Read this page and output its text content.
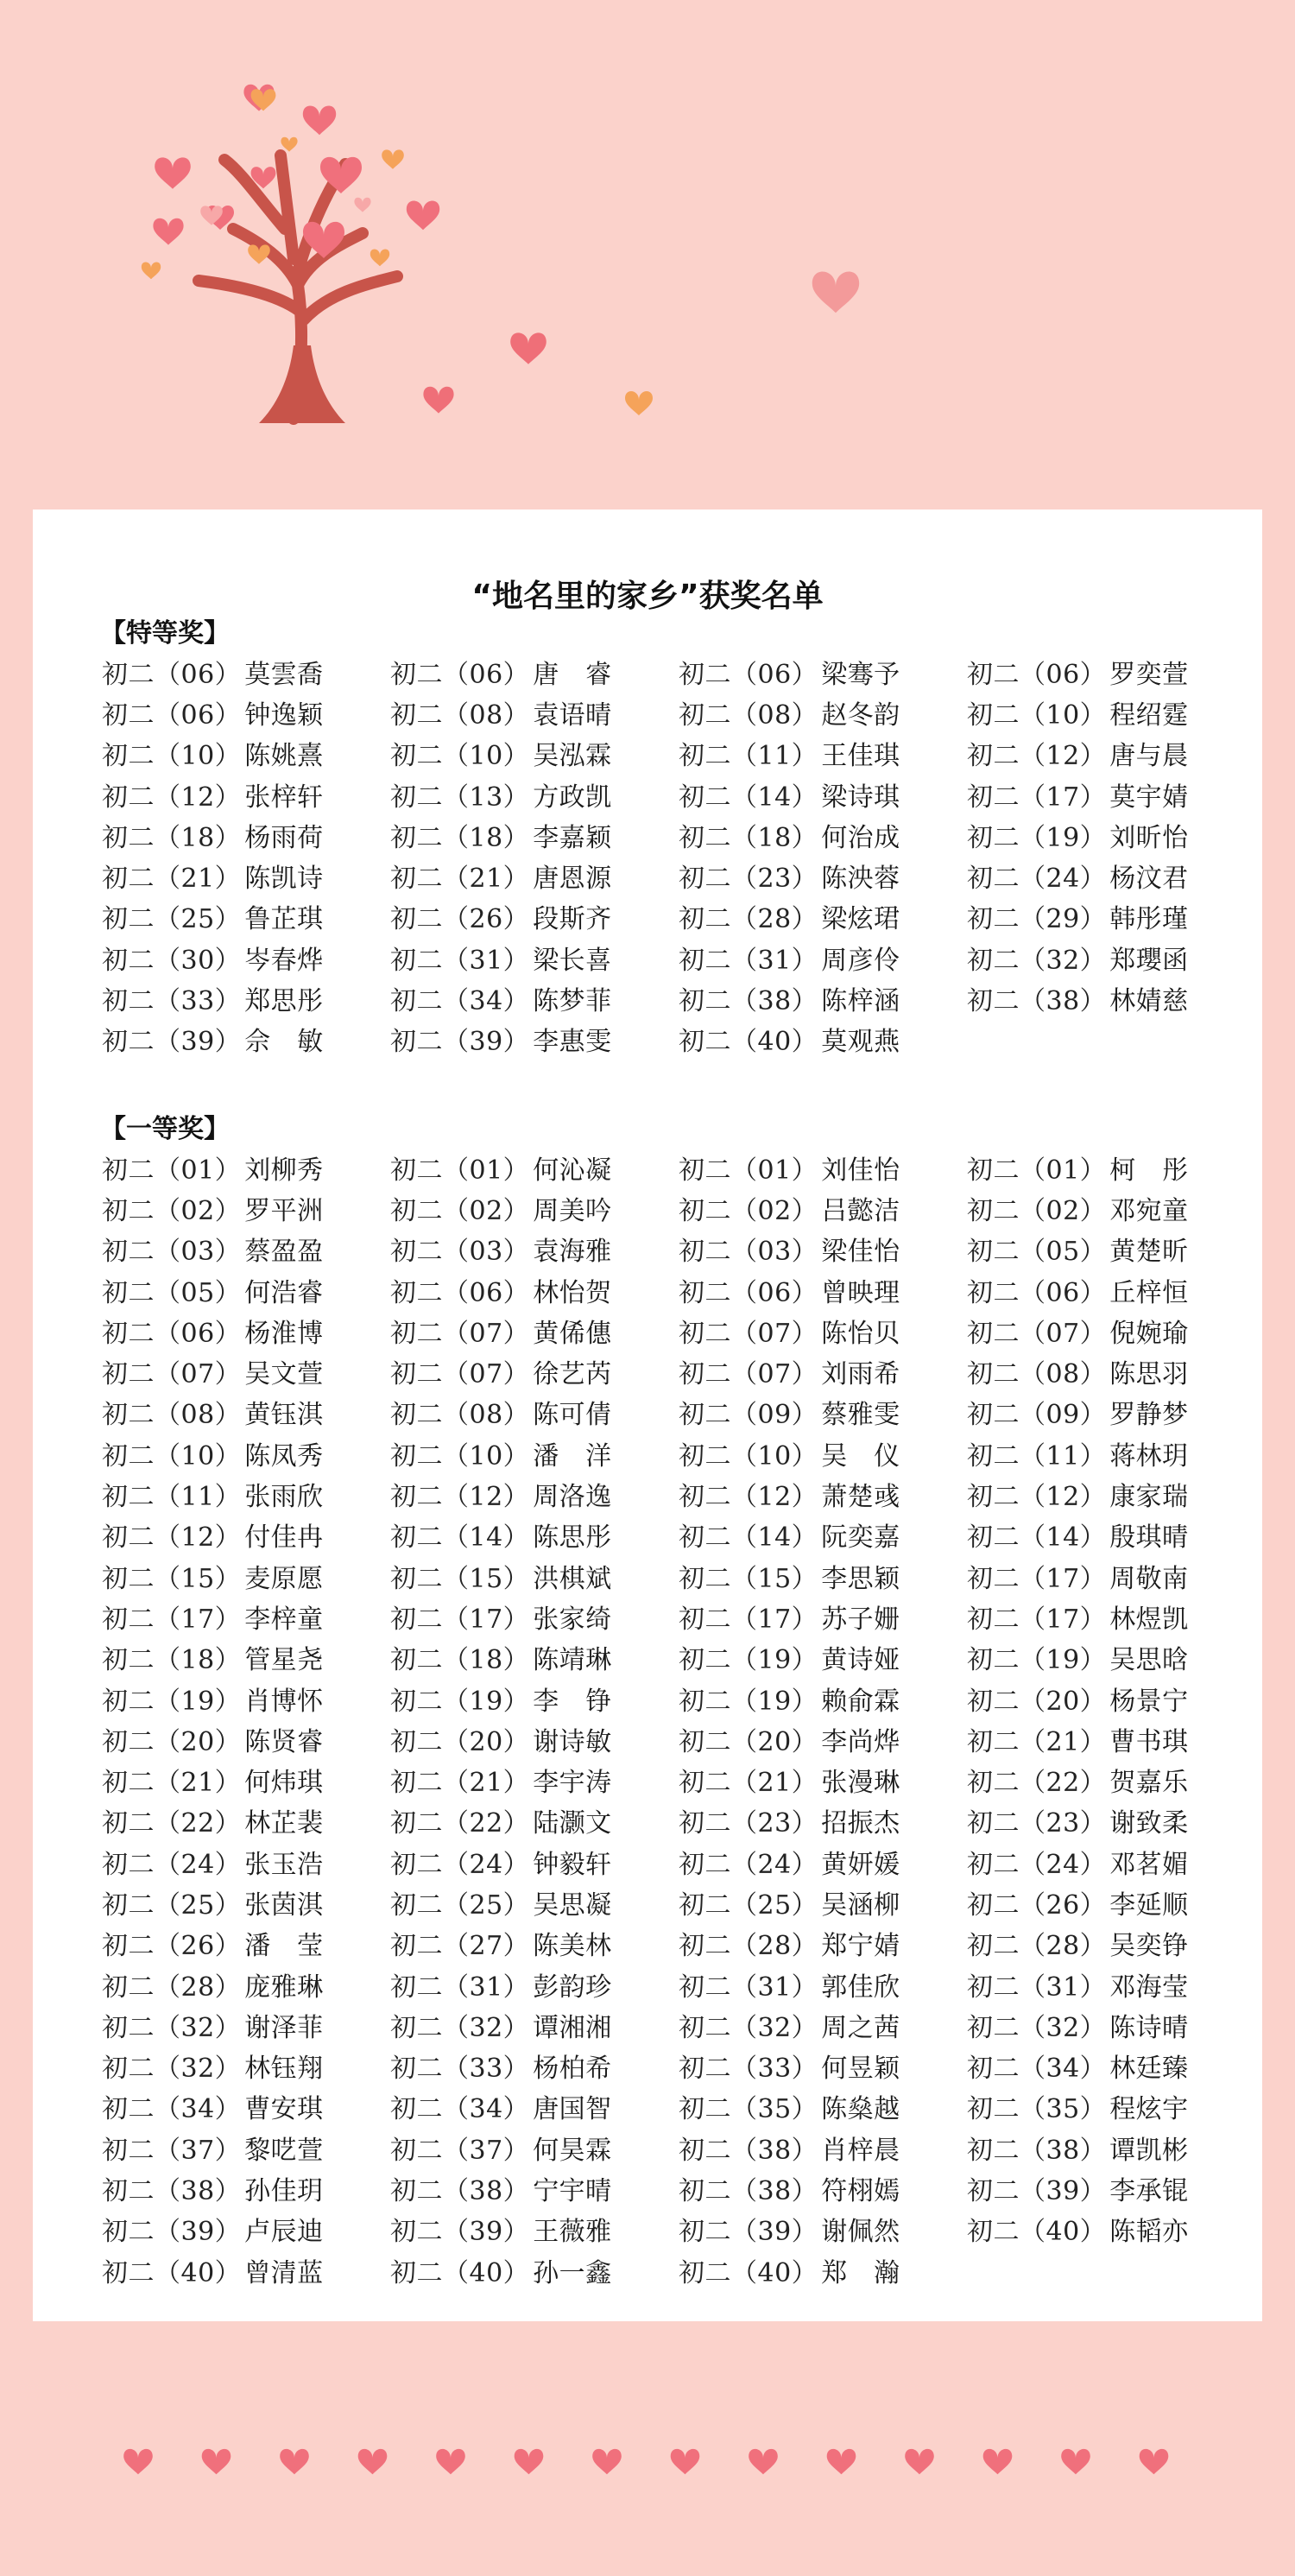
“地名里的家乡”获奖名单
【特等奖】
初二（06） 莫雲喬	初二（06） 唐　睿	初二（06） 梁骞予	初二（06） 罗奕萱
初二（06） 钟逸颖	初二（08） 袁语晴	初二（08） 赵冬韵	初二（10） 程绍霆
初二（10） 陈姚熹	初二（10） 吴泓霖	初二（11） 王佳琪	初二（12） 唐与晨
初二（12） 张梓轩	初二（13） 方政凯	初二（14） 梁诗琪	初二（17） 莫宇婧
初二（18） 杨雨荷	初二（18） 李嘉颖	初二（18） 何治成	初二（19） 刘昕怡
初二（21） 陈凯诗	初二（21） 唐恩源	初二（23） 陈泱蓉	初二（24） 杨汶君
初二（25） 鲁芷琪	初二（26） 段斯齐	初二（28） 梁炫珺	初二（29） 韩彤瑾
初二（30） 岑春烨	初二（31） 梁长喜	初二（31） 周彦伶	初二（32） 郑瓔函
初二（33） 郑思彤	初二（34） 陈梦菲	初二（38） 陈梓涵	初二（38） 林婧慈
初二（39） 佘　敏	初二（39） 李惠雯	初二（40） 莫观燕
【一等奖】
初二（01） 刘柳秀	初二（01） 何沁凝	初二（01） 刘佳怡	初二（01） 柯　彤
初二（02） 罗平洲	初二（02） 周美吟	初二（02） 吕懿洁	初二（02） 邓宛童
初二（03） 蔡盈盈	初二（03） 袁海雅	初二（03） 梁佳怡	初二（05） 黄楚昕
初二（05） 何浩睿	初二（06） 林怡贺	初二（06） 曾映理	初二（06） 丘梓恒
初二（06） 杨淮博	初二（07） 黄俙僡	初二（07） 陈怡贝	初二（07） 倪婉瑜
初二（07） 吴文萱	初二（07） 徐艺芮	初二（07） 刘雨希	初二（08） 陈思羽
初二（08） 黄钰淇	初二（08） 陈可倩	初二（09） 蔡雅雯	初二（09） 罗静梦
初二（10） 陈凤秀	初二（10） 潘　洋	初二（10） 吴　仪	初二（11） 蒋林玥
初二（11） 张雨欣	初二（12） 周洛逸	初二（12） 萧楚彧	初二（12） 康家瑞
初二（12） 付佳冉	初二（14） 陈思彤	初二（14） 阮奕嘉	初二（14） 殷琪晴
初二（15） 麦原愿	初二（15） 洪棋斌	初二（15） 李思颖	初二（17） 周敬南
初二（17） 李梓童	初二（17） 张家绮	初二（17） 苏子姗	初二（17） 林煜凯
初二（18） 管星尧	初二（18） 陈靖琳	初二（19） 黄诗娅	初二（19） 吴思晗
初二（19） 肖博怀	初二（19） 李　铮	初二（19） 赖俞霖	初二（20） 杨景宁
初二（20） 陈贤睿	初二（20） 谢诗敏	初二（20） 李尚烨	初二（21） 曹书琪
初二（21） 何炜琪	初二（21） 李宇涛	初二（21） 张漫琳	初二（22） 贺嘉乐
初二（22） 林芷裴	初二（22） 陆灏文	初二（23） 招振杰	初二（23） 谢致柔
初二（24） 张玉浩	初二（24） 钟毅轩	初二（24） 黄妍媛	初二（24） 邓茗媚
初二（25） 张茵淇	初二（25） 吴思凝	初二（25） 吴涵柳	初二（26） 李延顺
初二（26） 潘　莹	初二（27） 陈美林	初二（28） 郑宁婧	初二（28） 吴奕铮
初二（28） 庞雅琳	初二（31） 彭韵珍	初二（31） 郭佳欣	初二（31） 邓海莹
初二（32） 谢泽菲	初二（32） 谭湘湘	初二（32） 周之茜	初二（32） 陈诗晴
初二（32） 林钰翔	初二（33） 杨柏希	初二（33） 何昱颖	初二（34） 林廷臻
初二（34） 曹安琪	初二（34） 唐国智	初二（35） 陈燊越	初二（35） 程炫宇
初二（37） 黎呓萱	初二（37） 何昊霖	初二（38） 肖梓晨	初二（38） 谭凯彬
初二（38） 孙佳玥	初二（38） 宁宇晴	初二（38） 符栩嫣	初二（39） 李承锟
初二（39） 卢辰迪	初二（39） 王薇雅	初二（39） 谢佩然	初二（40） 陈韬亦
初二（40） 曾清蓝	初二（40） 孙一鑫	初二（40） 郑　瀚
